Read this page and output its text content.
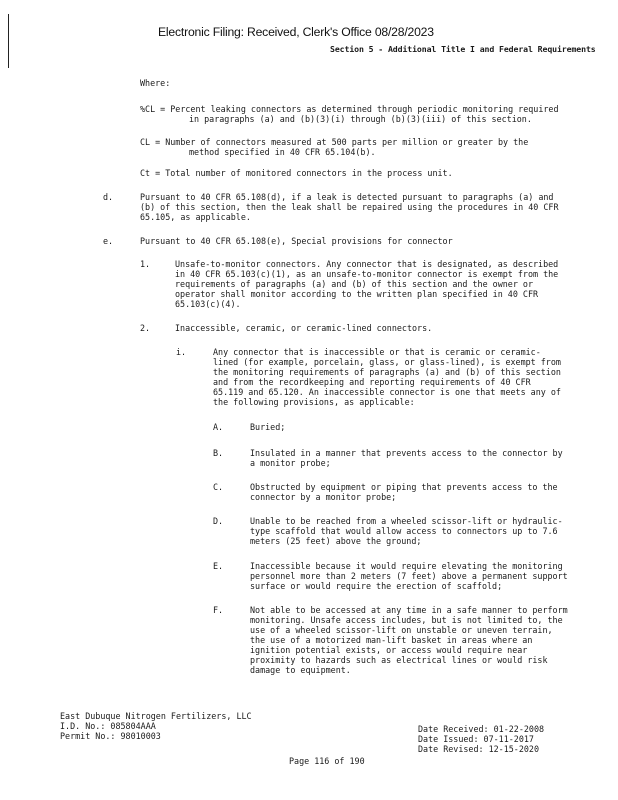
Electronic Filing: Received, Clerk's Office 08/28/2023
Section 5 - Additional Title I and Federal Requirements
Where:
%CL = Percent leaking connectors as determined through periodic monitoring required
in paragraphs (a) and (b)(3)(i) through (b)(3)(iii) of this section.
CL = Number of connectors measured at 500 parts per million or greater by the
method specified in 40 CFR 65.104(b).
Ct = Total number of monitored connectors in the process unit.
d.	Pursuant to 40 CFR 65.108(d), if a leak is detected pursuant to paragraphs (a) and
(b) of this section, then the leak shall be repaired using the procedures in 40 CFR
65.105, as applicable.
e.	Pursuant to 40 CFR 65.108(e), Special provisions for connector
1.	Unsafe-to-monitor connectors. Any connector that is designated, as described
in 40 CFR 65.103(c)(1), as an unsafe-to-monitor connector is exempt from the
requirements of paragraphs (a) and (b) of this section and the owner or
operator shall monitor according to the written plan specified in 40 CFR
65.103(c)(4).
2.	Inaccessible, ceramic, or ceramic-lined connectors.
i.	Any connector that is inaccessible or that is ceramic or ceramic-
lined (for example, porcelain, glass, or glass-lined), is exempt from
the monitoring requirements of paragraphs (a) and (b) of this section
and from the recordkeeping and reporting requirements of 40 CFR
65.119 and 65.120. An inaccessible connector is one that meets any of
the following provisions, as applicable:
A.	Buried;
B.	Insulated in a manner that prevents access to the connector by
a monitor probe;
C.	Obstructed by equipment or piping that prevents access to the
connector by a monitor probe;
D.	Unable to be reached from a wheeled scissor-lift or hydraulic-
type scaffold that would allow access to connectors up to 7.6
meters (25 feet) above the ground;
E.	Inaccessible because it would require elevating the monitoring
personnel more than 2 meters (7 feet) above a permanent support
surface or would require the erection of scaffold;
F.	Not able to be accessed at any time in a safe manner to perform
monitoring. Unsafe access includes, but is not limited to, the
use of a wheeled scissor-lift on unstable or uneven terrain,
the use of a motorized man-lift basket in areas where an
ignition potential exists, or access would require near
proximity to hazards such as electrical lines or would risk
damage to equipment.
East Dubuque Nitrogen Fertilizers, LLC
I.D. No.: 085804AAA
Permit No.: 98010003
Date Received: 01-22-2008
Date Issued: 07-11-2017
Date Revised: 12-15-2020
Page 116 of 190
